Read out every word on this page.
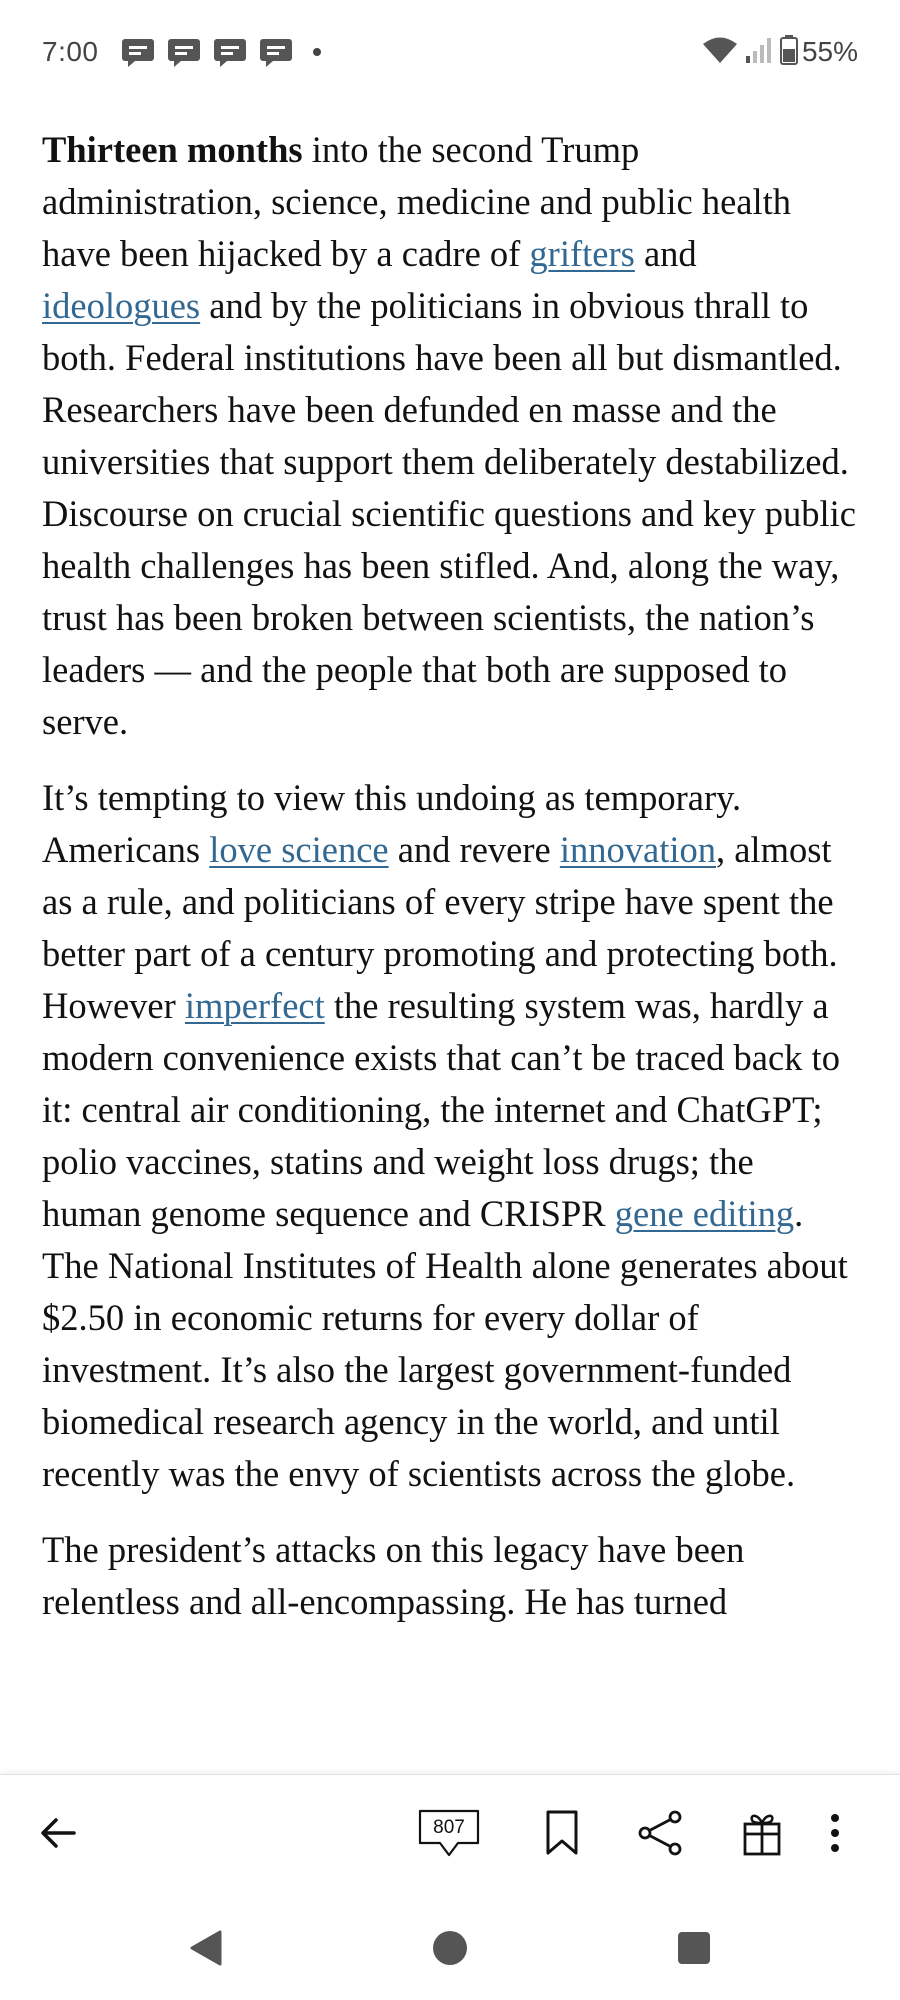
7:00	55%

Thirteen months into the second Trump administration, science, medicine and public health have been hijacked by a cadre of grifters and ideologues and by the politicians in obvious thrall to both. Federal institutions have been all but dismantled. Researchers have been defunded en masse and the universities that support them deliberately destabilized. Discourse on crucial scientific questions and key public health challenges has been stifled. And, along the way, trust has been broken between scientists, the nation’s leaders — and the people that both are supposed to serve.

It’s tempting to view this undoing as temporary. Americans love science and revere innovation, almost as a rule, and politicians of every stripe have spent the better part of a century promoting and protecting both. However imperfect the resulting system was, hardly a modern convenience exists that can’t be traced back to it: central air conditioning, the internet and ChatGPT; polio vaccines, statins and weight loss drugs; the human genome sequence and CRISPR gene editing. The National Institutes of Health alone generates about $2.50 in economic returns for every dollar of investment. It’s also the largest government-funded biomedical research agency in the world, and until recently was the envy of scientists across the globe.

The president’s attacks on this legacy have been relentless and all-encompassing. He has turned

807
